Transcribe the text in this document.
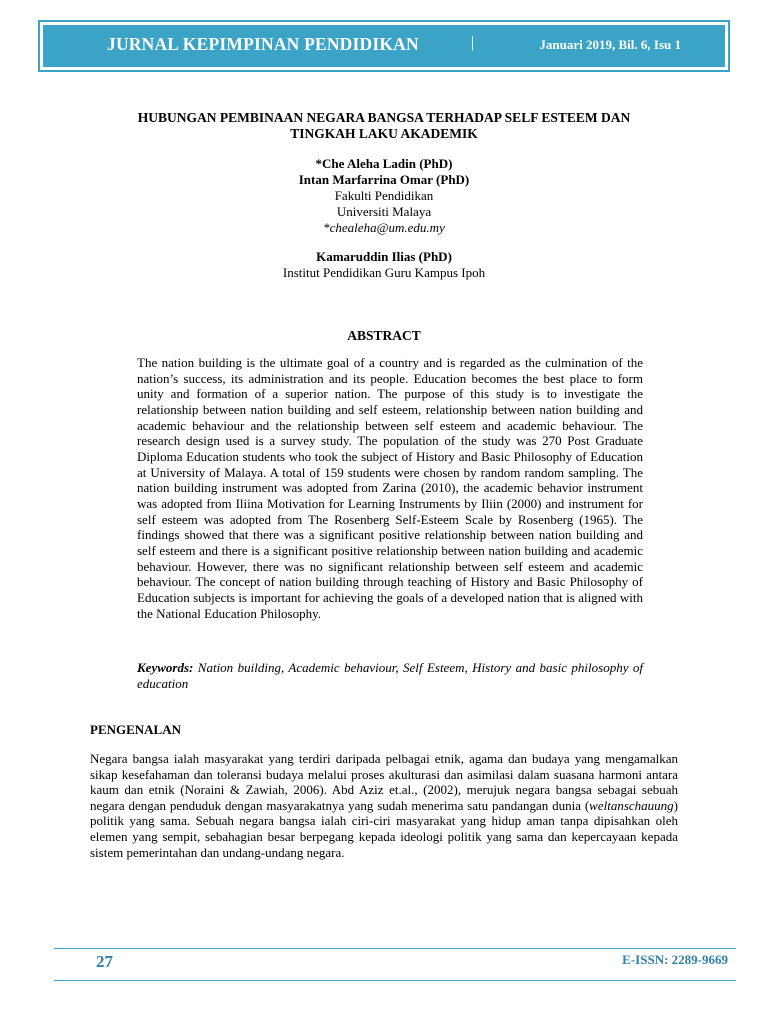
JURNAL KEPIMPINAN PENDIDIKAN	|	Januari 2019, Bil. 6, Isu 1
HUBUNGAN PEMBINAAN NEGARA BANGSA TERHADAP SELF ESTEEM DAN
TINGKAH LAKU AKADEMIK
*Che Aleha Ladin (PhD)
Intan Marfarrina Omar (PhD)
Fakulti Pendidikan
Universiti Malaya
*chealeha@um.edu.my
Kamaruddin Ilias (PhD)
Institut Pendidikan Guru Kampus Ipoh
ABSTRACT
The nation building is the ultimate goal of a country and is regarded as the culmination of the nation’s success, its administration and its people. Education becomes the best place to form unity and formation of a superior nation. The purpose of this study is to investigate the relationship between nation building and self esteem, relationship between nation building and academic behaviour and the relationship between self esteem and academic behaviour. The research design used is a survey study. The population of the study was 270 Post Graduate Diploma Education students who took the subject of History and Basic Philosophy of Education at University of Malaya. A total of 159 students were chosen by random random sampling. The nation building instrument was adopted from Zarina (2010), the academic behavior instrument was adopted from Iliina Motivation for Learning Instruments by Iliin (2000) and instrument for self esteem was adopted from The Rosenberg Self-Esteem Scale by Rosenberg (1965). The findings showed that there was a significant positive relationship between nation building and self esteem and there is a significant positive relationship between nation building and academic behaviour. However, there was no significant relationship between self esteem and academic behaviour. The concept of nation building through teaching of History and Basic Philosophy of Education subjects is important for achieving the goals of a developed nation that is aligned with the National Education Philosophy.
Keywords: Nation building, Academic behaviour, Self Esteem, History and basic philosophy of education
PENGENALAN
Negara bangsa ialah masyarakat yang terdiri daripada pelbagai etnik, agama dan budaya yang mengamalkan sikap kesefahaman dan toleransi budaya melalui proses akulturasi dan asimilasi dalam suasana harmoni antara kaum dan etnik (Noraini & Zawiah, 2006). Abd Aziz et.al., (2002), merujuk negara bangsa sebagai sebuah negara dengan penduduk dengan masyarakatnya yang sudah menerima satu pandangan dunia (weltanschauung) politik yang sama. Sebuah negara bangsa ialah ciri-ciri masyarakat yang hidup aman tanpa dipisahkan oleh elemen yang sempit, sebahagian besar berpegang kepada ideologi politik yang sama dan kepercayaan kepada sistem pemerintahan dan undang-undang negara.
27	E-ISSN: 2289-9669
